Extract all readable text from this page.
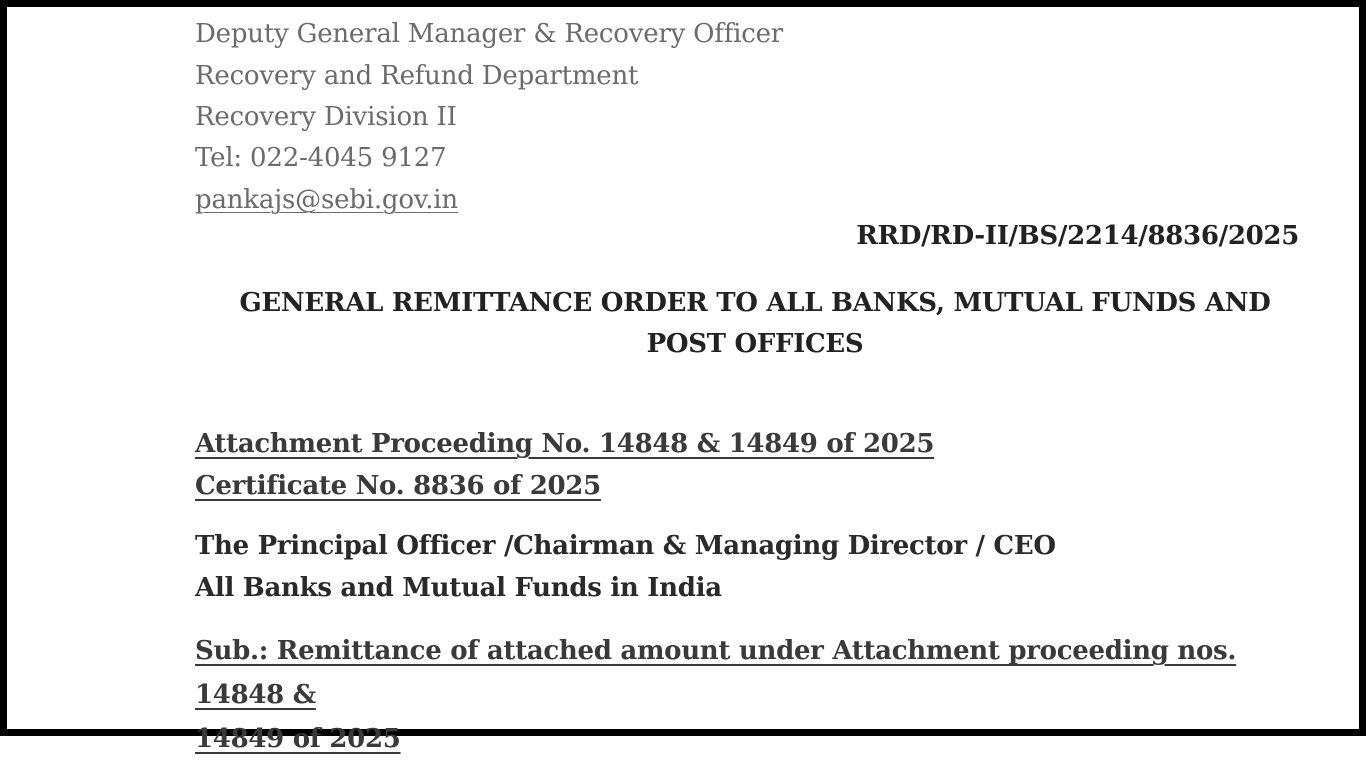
Deputy General Manager & Recovery Officer
Recovery and Refund Department
Recovery Division II
Tel: 022-4045 9127
pankajs@sebi.gov.in
RRD/RD-II/BS/2214/8836/2025
GENERAL REMITTANCE ORDER TO ALL BANKS, MUTUAL FUNDS AND
POST OFFICES
Attachment Proceeding No. 14848 & 14849 of 2025
Certificate No. 8836 of 2025
The Principal Officer /Chairman & Managing Director / CEO
All Banks and Mutual Funds in India
Sub.: Remittance of attached amount under Attachment proceeding nos. 14848 &
14849 of 2025
